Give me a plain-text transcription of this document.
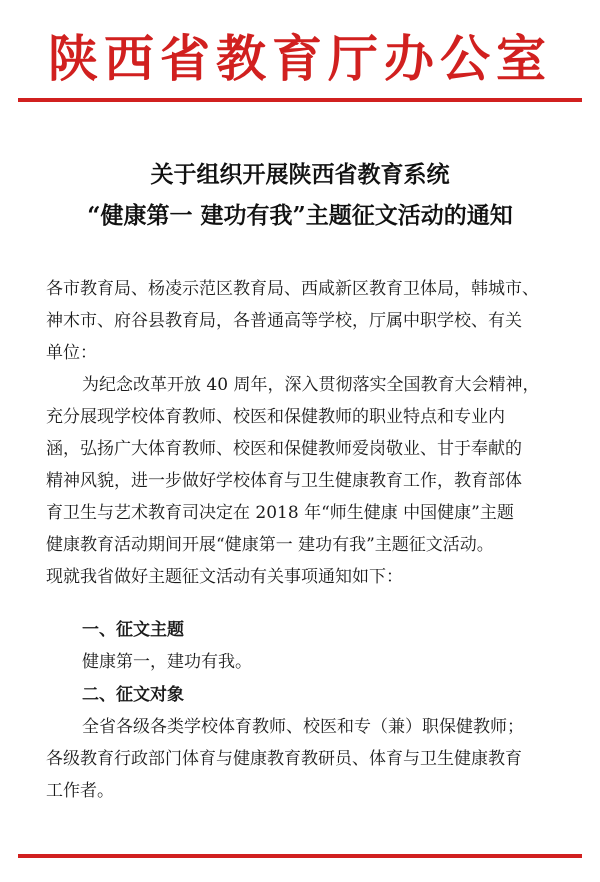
陕西省教育厅办公室
关于组织开展陕西省教育系统
“健康第一 建功有我”主题征文活动的通知
各市教育局、杨凌示范区教育局、西咸新区教育卫体局，韩城市、
神木市、府谷县教育局，各普通高等学校，厅属中职学校、有关
单位：
为纪念改革开放 40 周年，深入贯彻落实全国教育大会精神，
充分展现学校体育教师、校医和保健教师的职业特点和专业内
涵，弘扬广大体育教师、校医和保健教师爱岗敬业、甘于奉献的
精神风貌，进一步做好学校体育与卫生健康教育工作，教育部体
育卫生与艺术教育司决定在 2018 年“师生健康 中国健康”主题
健康教育活动期间开展“健康第一 建功有我”主题征文活动。
现就我省做好主题征文活动有关事项通知如下：
一、征文主题
健康第一，建功有我。
二、征文对象
全省各级各类学校体育教师、校医和专（兼）职保健教师；
各级教育行政部门体育与健康教育教研员、体育与卫生健康教育
工作者。
